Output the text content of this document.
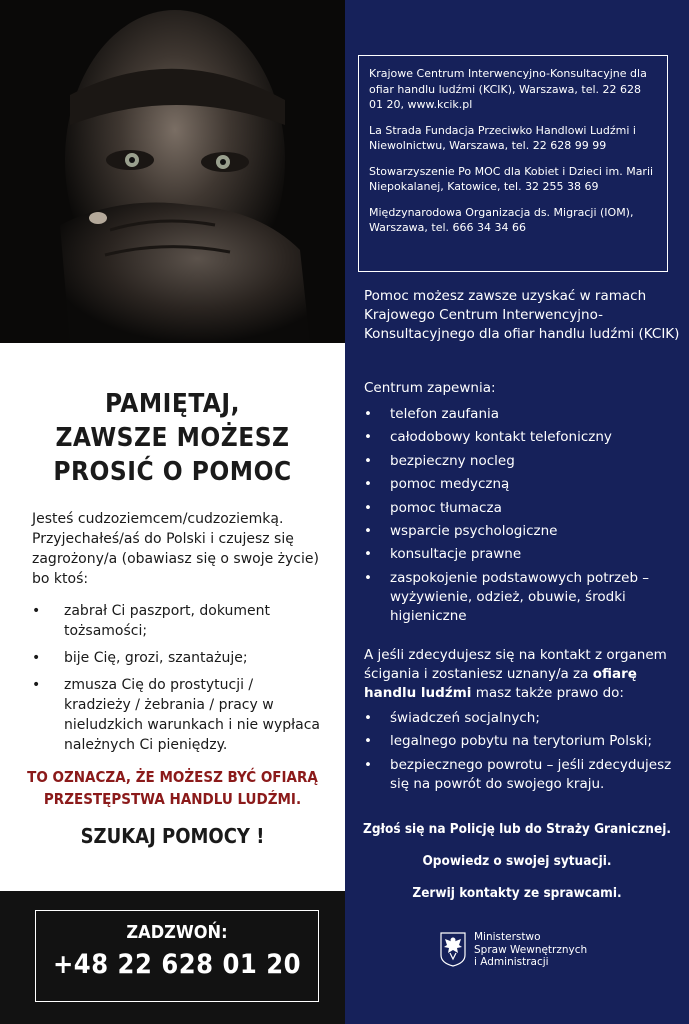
PAMIĘTAJ,
ZAWSZE MOŻESZ
PROSIĆ O POMOC

Jesteś cudzoziemcem/cudzoziemką. Przyjechałeś/aś do Polski i czujesz się zagrożony/a (obawiasz się o swoje życie) bo ktoś:

• zabrał Ci paszport, dokument tożsamości;
• bije Cię, grozi, szantażuje;
• zmusza Cię do prostytucji / kradzieży / żebrania / pracy w nieludzkich warunkach i nie wypłaca należnych Ci pieniędzy.
TO OZNACZA, ŻE MOŻESZ BYĆ OFIARĄ
PRZESTĘPSTWA HANDLU LUDŹMI.
SZUKAJ POMOCY !
ZADZWOŃ:
+48 22 628 01 20

Krajowe Centrum Interwencyjno-Konsultacyjne dla ofiar handlu ludźmi (KCIK), Warszawa, tel. 22 628 01 20, www.kcik.pl

La Strada Fundacja Przeciwko Handlowi Ludźmi i Niewolnictwu, Warszawa, tel. 22 628 99 99

Stowarzyszenie Po MOC dla Kobiet i Dzieci im. Marii Niepokalanej, Katowice, tel. 32 255 38 69

Międzynarodowa Organizacja ds. Migracji (IOM), Warszawa, tel. 666 34 34 66

Pomoc możesz zawsze uzyskać w ramach Krajowego Centrum Interwencyjno-Konsultacyjnego dla ofiar handlu ludźmi (KCIK)

Centrum zapewnia:

• telefon zaufania
• całodobowy kontakt telefoniczny
• bezpieczny nocleg
• pomoc medyczną
• pomoc tłumacza
• wsparcie psychologiczne
• konsultacje prawne
• zaspokojenie podstawowych potrzeb – wyżywienie, odzież, obuwie, środki higieniczne

A jeśli zdecydujesz się na kontakt z organem ścigania i zostaniesz uznany/a za ofiarę handlu ludźmi masz także prawo do:

• świadczeń socjalnych;
• legalnego pobytu na terytorium Polski;
• bezpiecznego powrotu – jeśli zdecydujesz się na powrót do swojego kraju.
Zgłoś się na Policję lub do Straży Granicznej.
Opowiedz o swojej sytuacji.
Zerwij kontakty ze sprawcami.
Ministerstwo
Spraw Wewnętrznych
i Administracji
